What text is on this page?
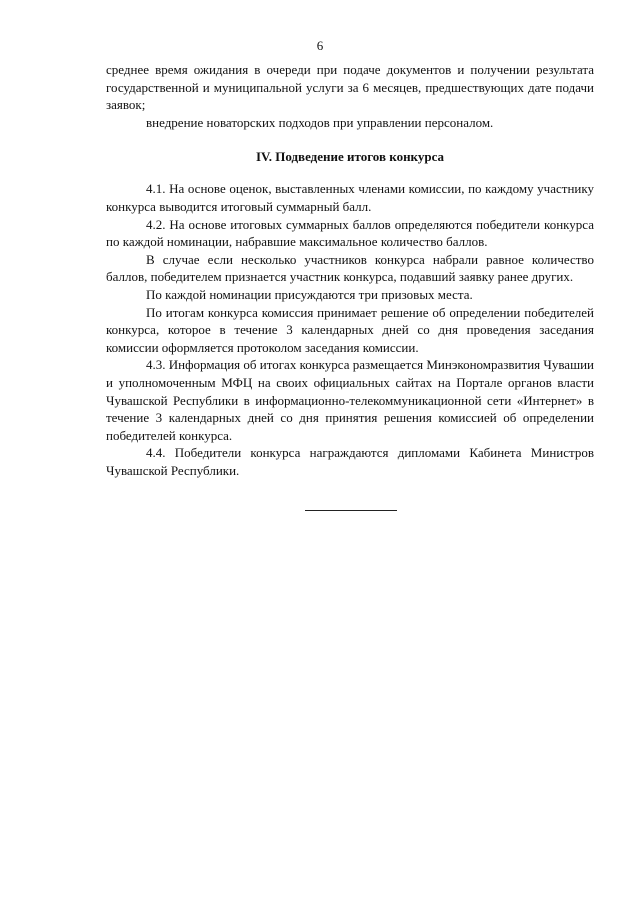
6

среднее время ожидания в очереди при подаче документов и получении результата государственной и муниципальной услуги за 6 месяцев, предшествующих дате подачи заявок;

внедрение новаторских подходов при управлении персоналом.

IV. Подведение итогов конкурса

4.1. На основе оценок, выставленных членами комиссии, по каждому участнику конкурса выводится итоговый суммарный балл.

4.2. На основе итоговых суммарных баллов определяются победители конкурса по каждой номинации, набравшие максимальное количество баллов.

В случае если несколько участников конкурса набрали равное количество баллов, победителем признается участник конкурса, подавший заявку ранее других.

По каждой номинации присуждаются три призовых места.

По итогам конкурса комиссия принимает решение об определении победителей конкурса, которое в течение 3 календарных дней со дня проведения заседания комиссии оформляется протоколом заседания комиссии.

4.3. Информация об итогах конкурса размещается Минэкономразвития Чувашии и уполномоченным МФЦ на своих официальных сайтах на Портале органов власти Чувашской Республики в информационно-телекоммуникационной сети «Интернет» в течение 3 календарных дней со дня принятия решения комиссией об определении победителей конкурса.

4.4. Победители конкурса награждаются дипломами Кабинета Министров Чувашской Республики.
